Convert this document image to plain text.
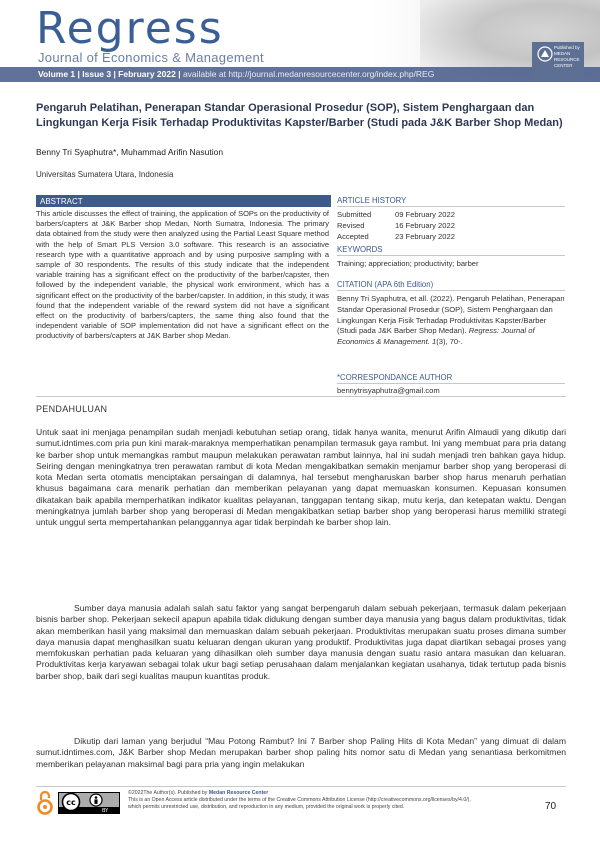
Regress
Journal of Economics & Management
Volume 1 | Issue 3 | February 2022 | available at http://journal.medanresourcecenter.org/index.php/REG
Published by MEDAN RESOURCE CENTER
Pengaruh Pelatihan, Penerapan Standar Operasional Prosedur (SOP), Sistem Penghargaan dan Lingkungan Kerja Fisik Terhadap Produktivitas Kapster/Barber (Studi pada J&K Barber Shop Medan)
Benny Tri Syaphutra*, Muhammad Arifin Nasution
Universitas Sumatera Utara, Indonesia
ABSTRACT
This article discusses the effect of training, the application of SOPs on the productivity of barbers/capters at J&K Barber shop Medan, North Sumatra, Indonesia. The primary data obtained from the study were then analyzed using the Partial Least Square method with the help of Smart PLS Version 3.0 software. This research is an associative research type with a quantitative approach and by using purposive sampling with a sample of 30 respondents. The results of this study indicate that the independent variable training has a significant effect on the productivity of the barber/capster, then followed by the independent variable, the physical work environment, which has a significant effect on the productivity of the barber/capster. In addition, in this study, it was found that the independent variable of the reward system did not have a significant effect on the productivity of barbers/capters, the same thing also found that the independent variable of SOP implementation did not have a significant effect on the productivity of barbers/capters at J&K Barber shop Medan.
ARTICLE HISTORY
Submitted	09 February 2022
Revised	16 February 2022
Accepted	23 February 2022
KEYWORDS
Training; appreciation; productivity; barber
CITATION (APA 6th Edition)
Benny Tri Syaphutra, et all. (2022). Pengaruh Pelatihan, Penerapan Standar Operasional Prosedur (SOP), Sistem Penghargaan dan Lingkungan Kerja Fisik Terhadap Produktivitas Kapster/Barber (Studi pada J&K Barber Shop Medan). Regress: Journal of Economics & Management. 1(3), 70-.
*CORRESPONDANCE AUTHOR
bennytrisyaphutra@gmail.com
PENDAHULUAN
Untuk saat ini menjaga penampilan sudah menjadi kebutuhan setiap orang, tidak hanya wanita, menurut Arifin Almaudi yang dikutip dari sumut.idntimes.com pria pun kini marak-maraknya memperhatikan penampilan termasuk gaya rambut. Ini yang membuat para pria datang ke barber shop untuk memangkas rambut maupun melakukan perawatan rambut lainnya, hal ini sudah menjadi tren bahkan gaya hidup. Seiring dengan meningkatnya tren perawatan rambut di kota Medan mengakibatkan semakin menjamur barber shop yang beroperasi di kota Medan serta otomatis menciptakan persaingan di dalamnya, hal tersebut mengharuskan barber shop harus menaruh perhatian khusus bagaimana cara menarik perhatian dan memberikan pelayanan yang dapat memuaskan konsumen. Kepuasan konsumen dikatakan baik apabila memperhatikan indikator kualitas pelayanan, tanggapan tentang sikap, mutu kerja, dan ketepatan waktu. Dengan meningkatnya jumlah barber shop yang beroperasi di Medan mengakibatkan setiap barber shop yang beroperasi harus memiliki strategi untuk unggul serta mempertahankan pelanggannya agar tidak berpindah ke barber shop lain.
Sumber daya manusia adalah salah satu faktor yang sangat berpengaruh dalam sebuah pekerjaan, termasuk dalam pekerjaan bisnis barber shop. Pekerjaan sekecil apapun apabila tidak didukung dengan sumber daya manusia yang bagus dalam produktivitas, tidak akan memberikan hasil yang maksimal dan memuaskan dalam sebuah pekerjaan. Produktivitas merupakan suatu proses dimana sumber daya manusia dapat menghasilkan suatu keluaran dengan ukuran yang produktif. Produktivitas juga dapat diartikan sebagai proses yang memfokuskan perhatian pada keluaran yang dihasilkan oleh sumber daya manusia dengan suatu rasio antara masukan dan keluaran. Produktivitas kerja karyawan sebagai tolak ukur bagi setiap perusahaan dalam menjalankan kegiatan usahanya, tidak tertutup pada bisnis barber shop, baik dari segi kualitas maupun kuantitas produk.
Dikutip dari laman yang berjudul “Mau Potong Rambut? Ini 7 Barber shop Paling Hits di Kota Medan” yang dimuat di dalam sumut.idntimes.com, J&K Barber shop Medan merupakan barber shop paling hits nomor satu di Medan yang senantiasa berkomitmen memberikan pelayanan maksimal bagi para pria yang ingin melakukan
cc
BY
©2022The Author(s). Published by Medan Resource Center
This is an Open Access article distributed under the terms of the Creative Commons Attribution License (http://creativecommons.org/licenses/by/4.0/),
which permits unrestricted use, distribution, and reproduction in any medium, provided the original work is properly cited.	70
